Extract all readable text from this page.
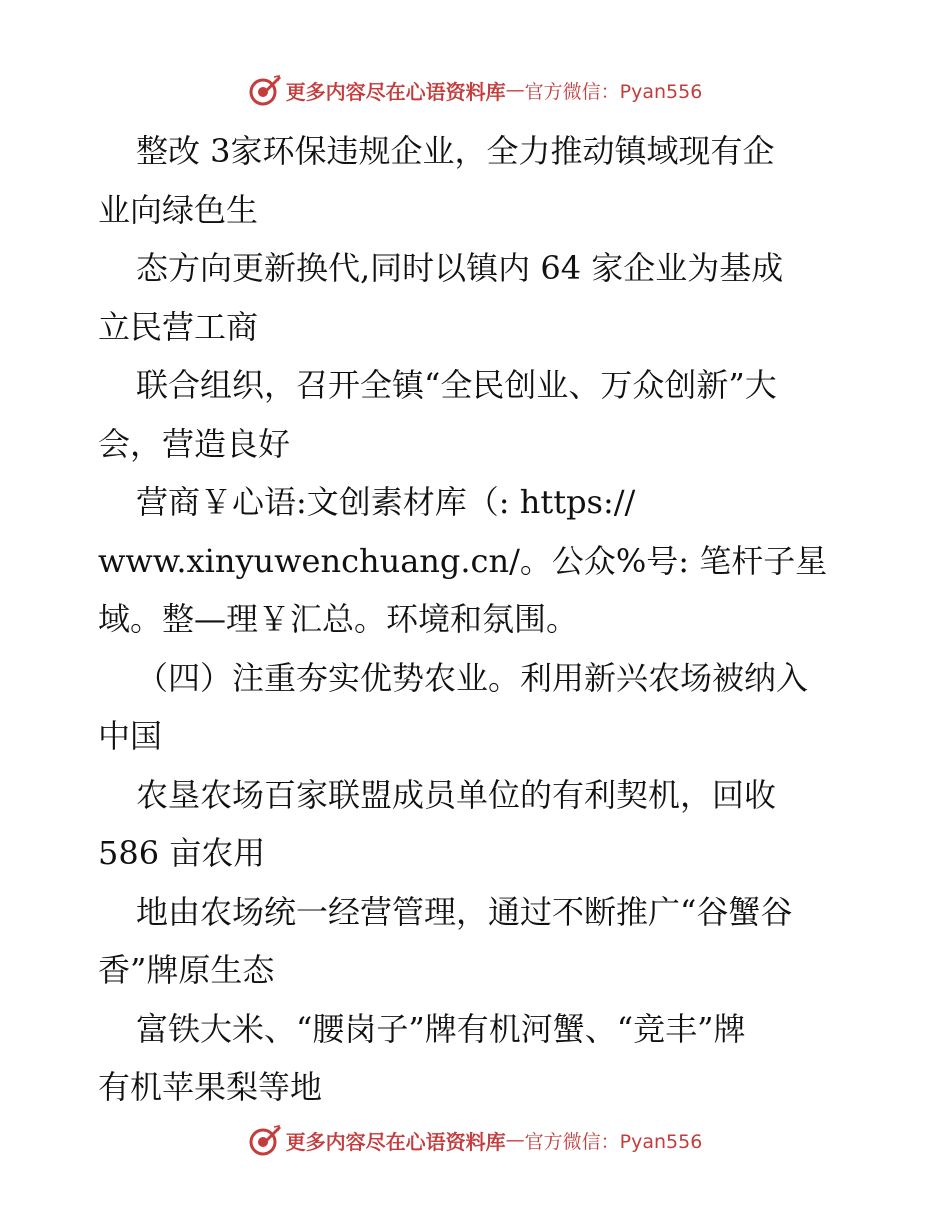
更多内容尽在心语资料库 — 官方微信：Pyan556
整改 3家环保违规企业，全力推动镇域现有企
业向绿色生
态方向更新换代,同时以镇内 64 家企业为基成
立民营工商
联合组织，召开全镇“全民创业、万众创新”大
会，营造良好
营商￥心语:文创素材库（: https://
www.xinyuwenchuang.cn/。公众%号: 笔杆子星
域。整—理￥汇总。环境和氛围。
（四）注重夯实优势农业。利用新兴农场被纳入
中国
农垦农场百家联盟成员单位的有利契机，回收
586 亩农用
地由农场统一经营管理，通过不断推广“谷蟹谷
香”牌原生态
富铁大米、“腰岗子”牌有机河蟹、“竞丰”牌
有机苹果梨等地
更多内容尽在心语资料库 — 官方微信：Pyan556
